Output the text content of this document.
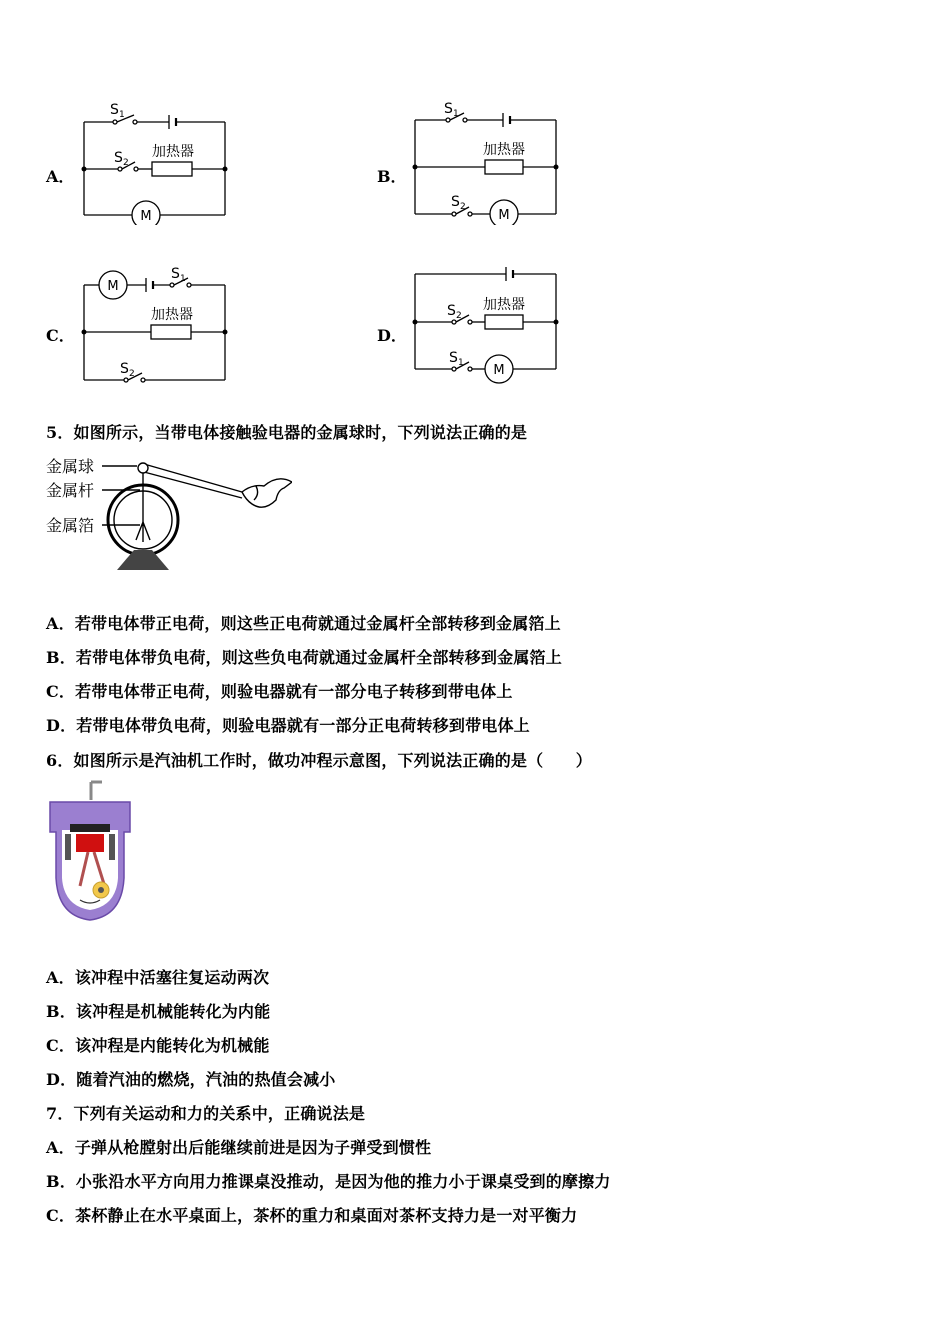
A．	B．
C．	D．
M
S 1
S 2
加热器
M
S 1
加热器
S 2
M
S 1
加热器
S 2	M
加热器
S 2
S 1
5．如图所示，当带电体接触验电器的金属球时，下列说法正确的是
金属球
金属杆
金属箔
A．若带电体带正电荷，则这些正电荷就通过金属杆全部转移到金属箔上
B．若带电体带负电荷，则这些负电荷就通过金属杆全部转移到金属箔上
C．若带电体带正电荷，则验电器就有一部分电子转移到带电体上
D．若带电体带负电荷，则验电器就有一部分正电荷转移到带电体上
6．如图所示是汽油机工作时，做功冲程示意图，下列说法正确的是（　　）
A．该冲程中活塞往复运动两次
B．该冲程是机械能转化为内能
C．该冲程是内能转化为机械能
D．随着汽油的燃烧，汽油的热值会减小
7．下列有关运动和力的关系中，正确说法是
A．子弹从枪膛射出后能继续前进是因为子弹受到惯性
B．小张沿水平方向用力推课桌没推动，是因为他的推力小于课桌受到的摩擦力
C．茶杯静止在水平桌面上，茶杯的重力和桌面对茶杯支持力是一对平衡力
